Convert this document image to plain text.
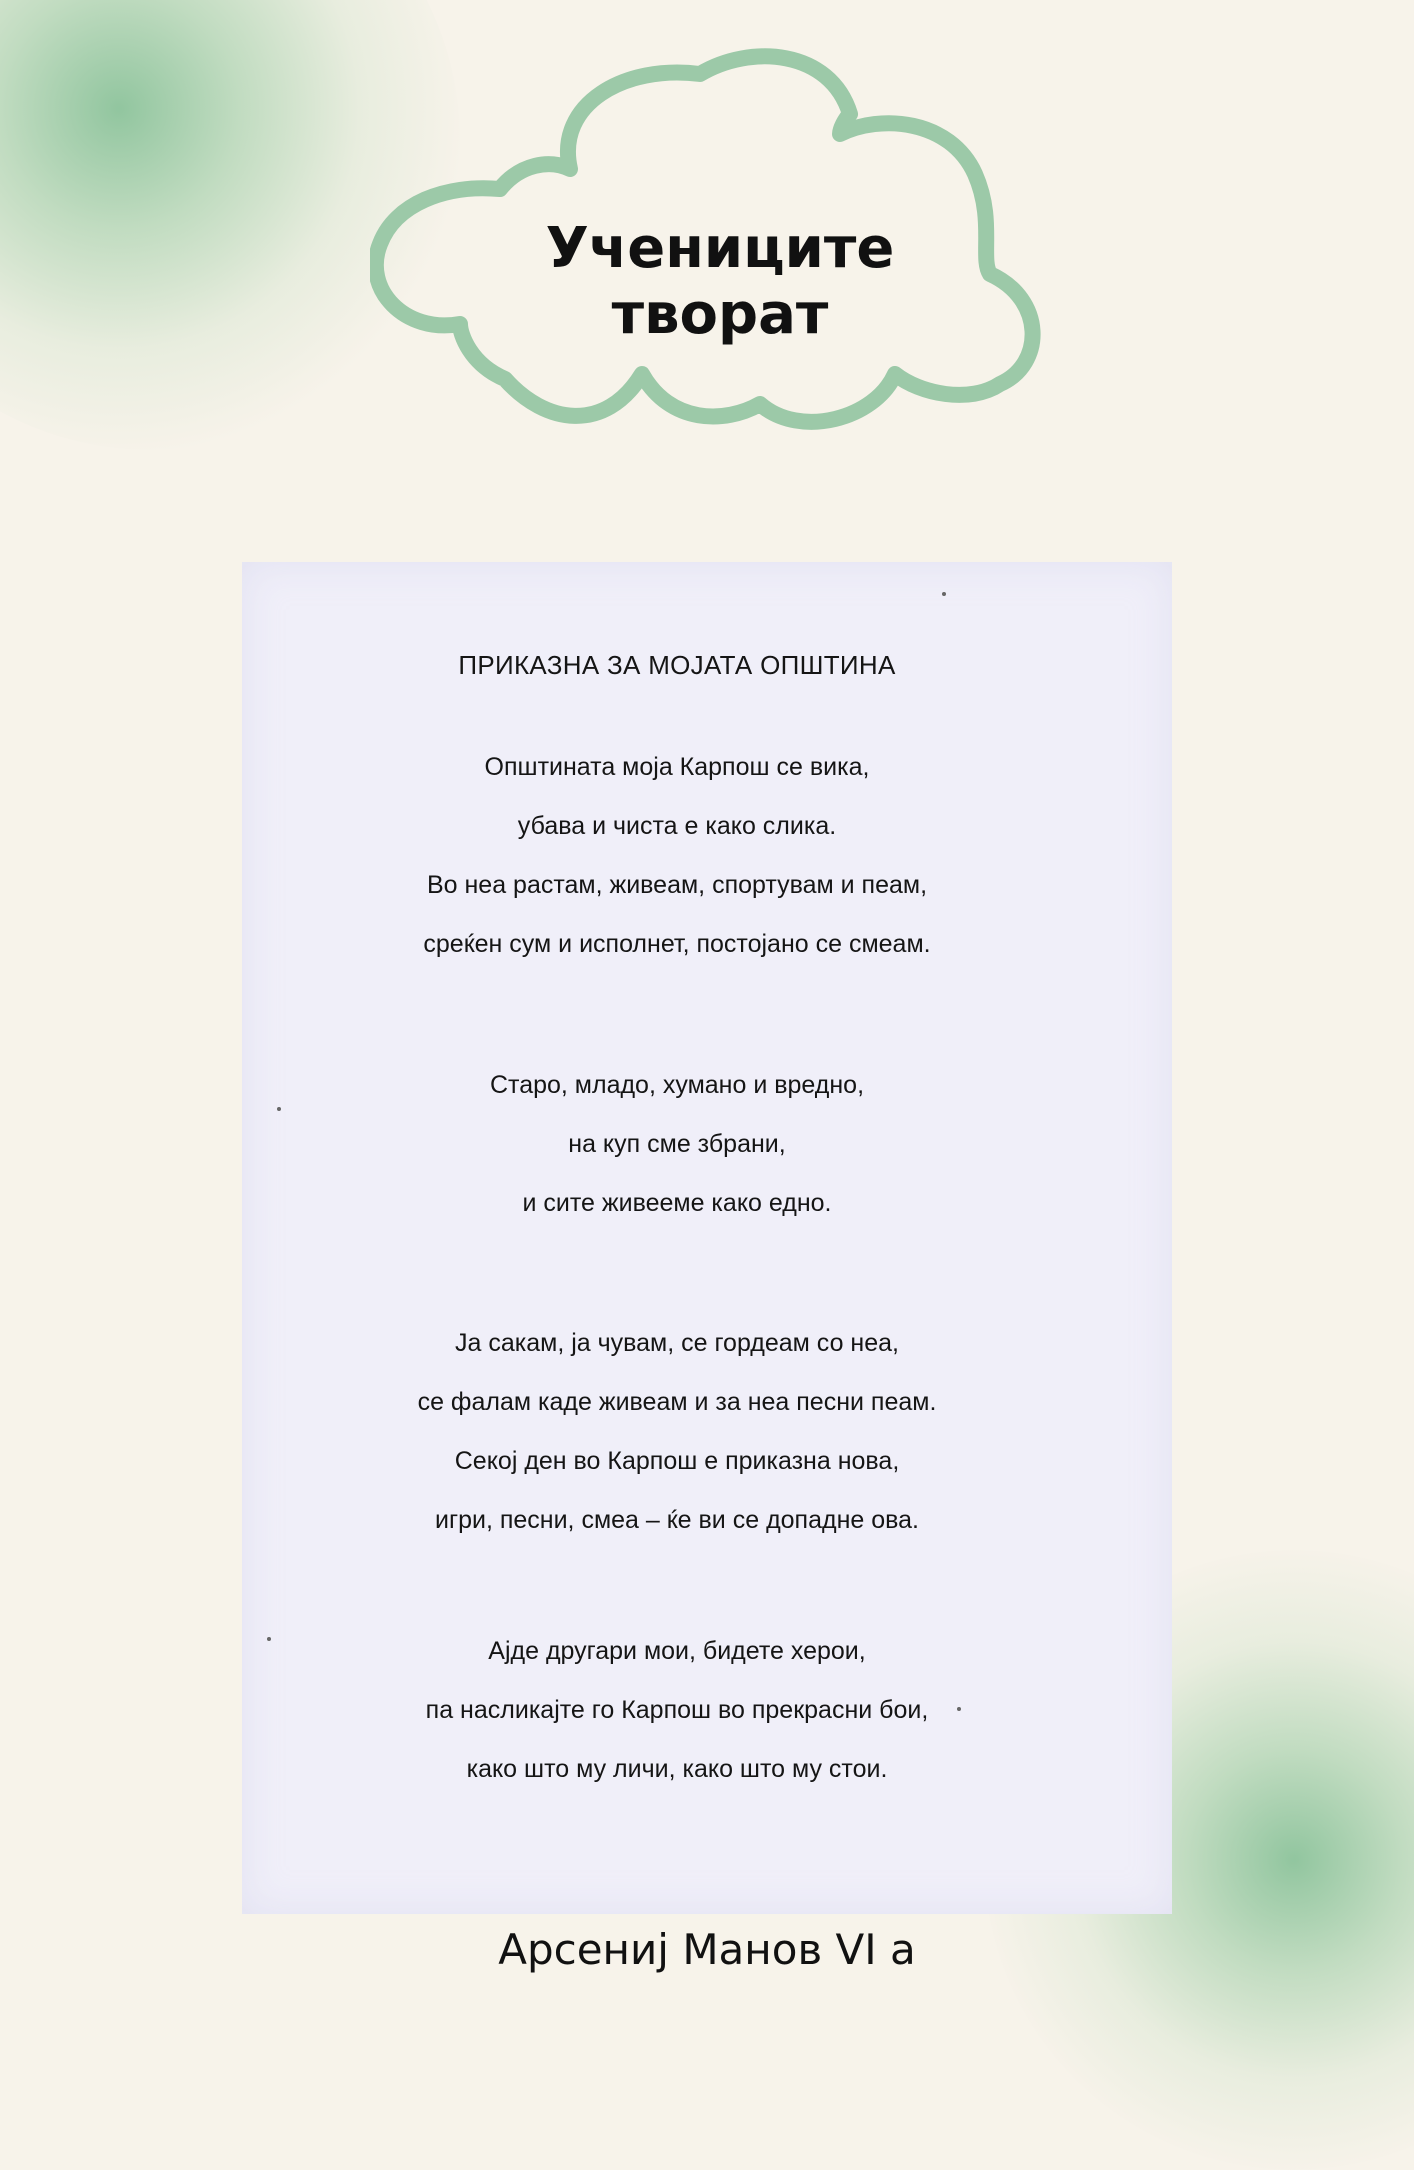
Учениците
творат
ПРИКАЗНА ЗА МОЈАТА ОПШТИНА
Општината моја Карпош се вика,
убава и чиста е како слика.
Во неа растам, живеам, спортувам и пеам,
среќен сум и исполнет, постојано се смеам.
Старо, младо, хумано и вредно,
на куп сме збрани,
и сите живееме како едно.
Ја сакам, ја чувам, се гордеам со неа,
се фалам каде живеам и за неа песни пеам.
Секој ден во Карпош е приказна нова,
игри, песни, смеа – ќе ви се допадне ова.
Ајде другари мои, бидете херои,
па насликајте го Карпош во прекрасни бои,
како што му личи, како што му стои.
Арсениј Манов VI а
